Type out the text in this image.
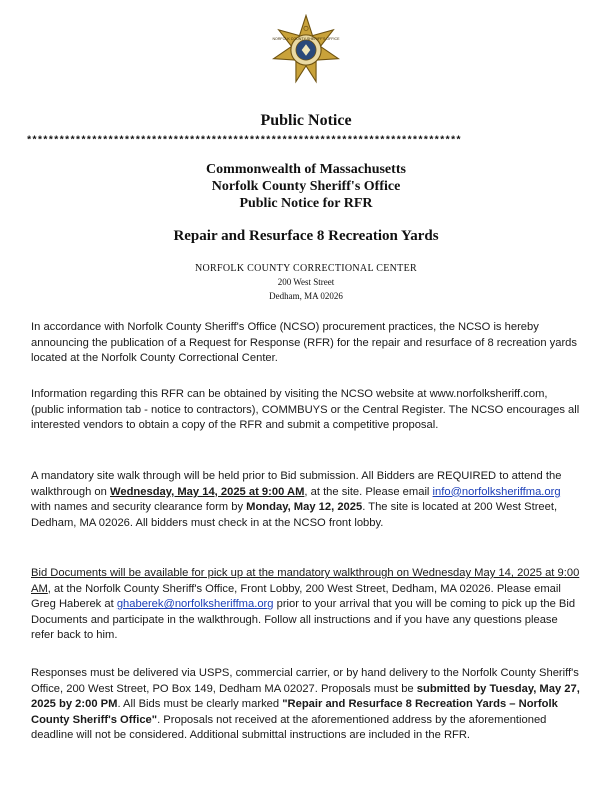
NORFOLK COUNTY SHERIFF'S OFFICE
Public Notice
********************************************************************************
Commonwealth of Massachusetts
Norfolk County Sheriff's Office
Public Notice for RFR
Repair and Resurface 8 Recreation Yards
NORFOLK COUNTY CORRECTIONAL CENTER
200 West Street
Dedham, MA 02026
In accordance with Norfolk County Sheriff's Office (NCSO) procurement practices, the NCSO is hereby announcing the publication of a Request for Response (RFR) for the repair and resurface of 8 recreation yards located at the Norfolk County Correctional Center.
Information regarding this RFR can be obtained by visiting the NCSO website at www.norfolksheriff.com, (public information tab - notice to contractors), COMMBUYS or the Central Register. The NCSO encourages all interested vendors to obtain a copy of the RFR and submit a competitive proposal.
A mandatory site walk through will be held prior to Bid submission. All Bidders are REQUIRED to attend the walkthrough on Wednesday, May 14, 2025 at 9:00 AM, at the site. Please email info@norfolksheriffma.org with names and security clearance form by Monday, May 12, 2025. The site is located at 200 West Street, Dedham, MA 02026. All bidders must check in at the NCSO front lobby.
Bid Documents will be available for pick up at the mandatory walkthrough on Wednesday May 14, 2025 at 9:00 AM, at the Norfolk County Sheriff's Office, Front Lobby, 200 West Street, Dedham, MA 02026. Please email Greg Haberek at ghaberek@norfolksheriffma.org prior to your arrival that you will be coming to pick up the Bid Documents and participate in the walkthrough. Follow all instructions and if you have any questions please refer back to him.
Responses must be delivered via USPS, commercial carrier, or by hand delivery to the Norfolk County Sheriff's Office, 200 West Street, PO Box 149, Dedham MA 02027. Proposals must be submitted by Tuesday, May 27, 2025 by 2:00 PM. All Bids must be clearly marked "Repair and Resurface 8 Recreation Yards – Norfolk County Sheriff's Office". Proposals not received at the aforementioned address by the aforementioned deadline will not be considered. Additional submittal instructions are included in the RFR.
